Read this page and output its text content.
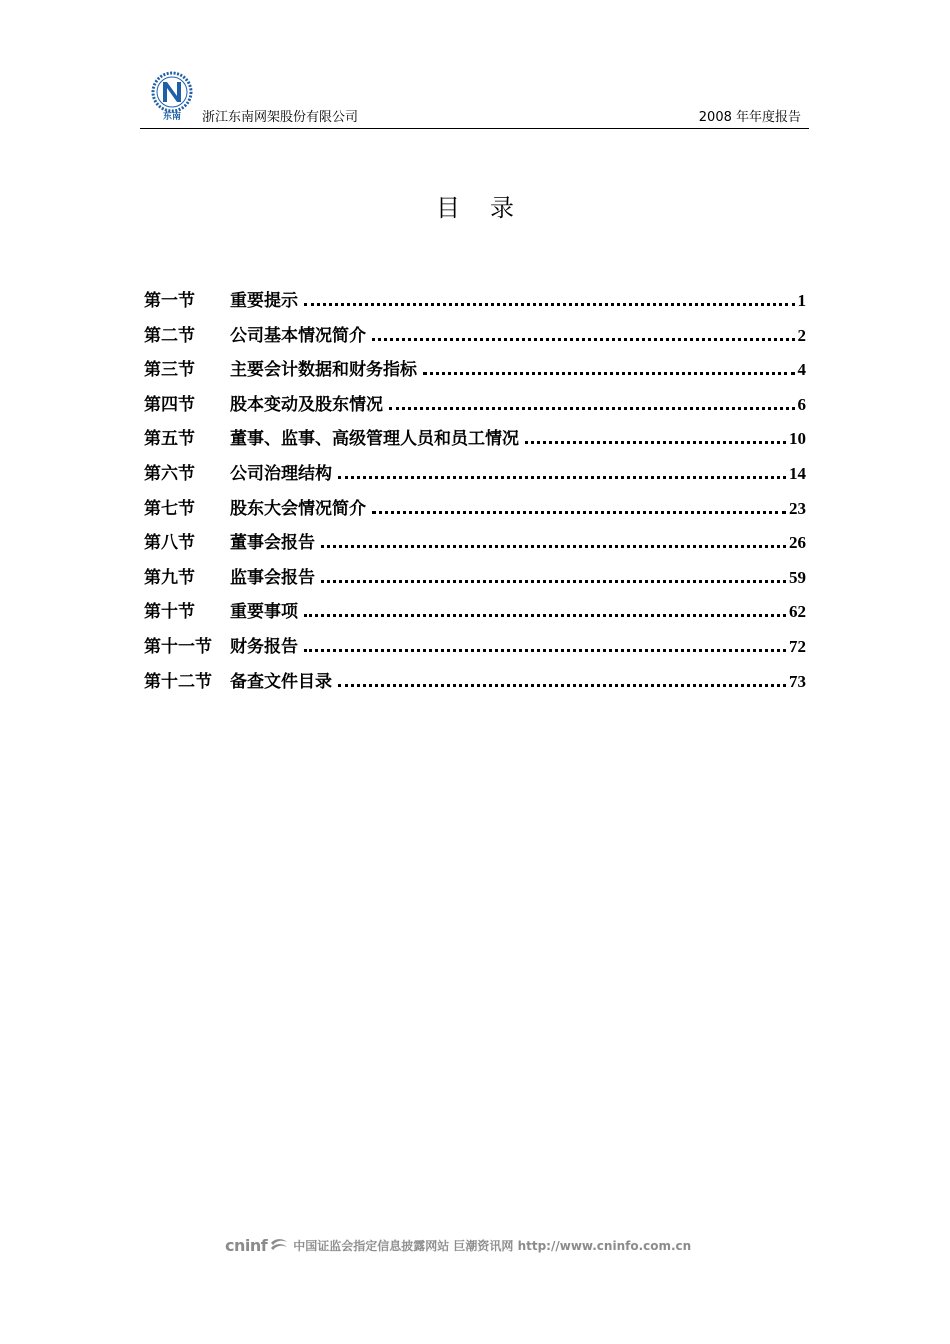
东南 浙江东南网架股份有限公司	2008 年年度报告
目录
第一节	重要提示	1
第二节	公司基本情况简介	2
第三节	主要会计数据和财务指标	4
第四节	股本变动及股东情况	6
第五节	董事、监事、高级管理人员和员工情况	10
第六节	公司治理结构	14
第七节	股东大会情况简介	23
第八节	董事会报告	26
第九节	监事会报告	59
第十节	重要事项	62
第十一节	财务报告	72
第十二节	备查文件目录	73
cninf 中国证监会指定信息披露网站 巨潮资讯网 http://www.cninfo.com.cn
